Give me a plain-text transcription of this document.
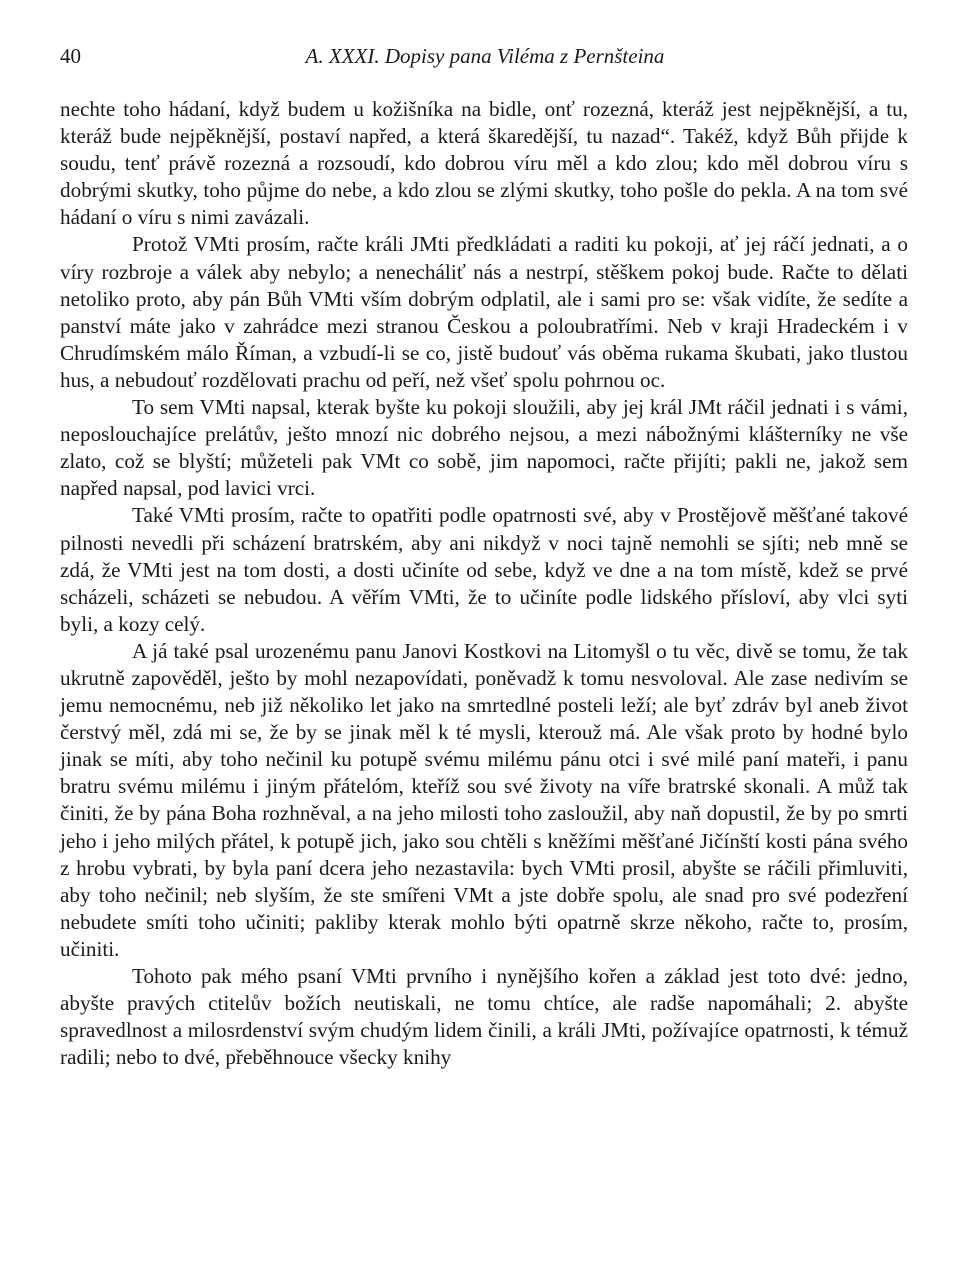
40	A. XXXI. Dopisy pana Viléma z Pernšteina

nechte toho hádaní, když budem u kožišníka na bidle, onť rozezná, kteráž jest nejpěknější, a tu, kteráž bude nejpěknější, postaví napřed, a která škaredější, tu nazad“. Takéž, když Bůh přijde k soudu, tenť právě rozezná a rozsoudí, kdo dobrou víru měl a kdo zlou; kdo měl dobrou víru s dobrými skutky, toho půjme do nebe, a kdo zlou se zlými skutky, toho pošle do pekla. A na tom své hádaní o víru s nimi zavázali.

Protož VMti prosím, račte králi JMti předkládati a raditi ku pokoji, ať jej ráčí jednati, a o víry rozbroje a válek aby nebylo; a nenecháliť nás a nestrpí, stěškem pokoj bude. Račte to dělati netoliko proto, aby pán Bůh VMti vším dobrým odplatil, ale i sami pro se: však vidíte, že sedíte a panství máte jako v zahrádce mezi stranou Českou a poloubratřími. Neb v kraji Hradeckém i v Chrudímském málo Říman, a vzbudí-li se co, jistě budouť vás oběma rukama škubati, jako tlustou hus, a nebudouť rozdělovati prachu od peří, než všeť spolu pohrnou oc.

To sem VMti napsal, kterak byšte ku pokoji sloužili, aby jej král JMt ráčil jednati i s vámi, neposlouchajíce prelátův, ješto mnozí nic dobrého nejsou, a mezi nábožnými klášterníky ne vše zlato, což se blyští; můžeteli pak VMt co sobě, jim napomoci, račte přijíti; pakli ne, jakož sem napřed napsal, pod lavici vrci.

Také VMti prosím, račte to opatřiti podle opatrnosti své, aby v Prostějově měšťané takové pilnosti nevedli při scházení bratrském, aby ani nikdyž v noci tajně nemohli se sjíti; neb mně se zdá, že VMti jest na tom dosti, a dosti učiníte od sebe, když ve dne a na tom místě, kdež se prvé scházeli, scházeti se nebudou. A věřím VMti, že to učiníte podle lidského přísloví, aby vlci syti byli, a kozy celý.

A já také psal urozenému panu Janovi Kostkovi na Litomyšl o tu věc, divě se tomu, že tak ukrutně zapověděl, ješto by mohl nezapovídati, poněvadž k tomu nesvoloval. Ale zase nedivím se jemu nemocnému, neb již několiko let jako na smrtedlné posteli leží; ale byť zdráv byl aneb život čerstvý měl, zdá mi se, že by se jinak měl k té mysli, kterouž má. Ale však proto by hodné bylo jinak se míti, aby toho nečinil ku potupě svému milému pánu otci i své milé paní mateři, i panu bratru svému milému i jiným přátelóm, kteříž sou své životy na víře bratrské skonali. A můž tak činiti, že by pána Boha rozhněval, a na jeho milosti toho zasloužil, aby naň dopustil, že by po smrti jeho i jeho milých přátel, k potupě jich, jako sou chtěli s kněžími měšťané Jičínští kosti pána svého z hrobu vybrati, by byla paní dcera jeho nezastavila: bych VMti prosil, abyšte se ráčili přimluviti, aby toho nečinil; neb slyším, že ste smířeni VMt a jste dobře spolu, ale snad pro své podezření nebudete smíti toho učiniti; pakliby kterak mohlo býti opatrně skrze někoho, račte to, prosím, učiniti.

Tohoto pak mého psaní VMti prvního i nynějšího kořen a základ jest toto dvé: jedno, abyšte pravých ctitelův božích neutiskali, ne tomu chtíce, ale radše napomáhali; 2. abyšte spravedlnost a milosrdenství svým chudým lidem činili, a králi JMti, požívajíce opatrnosti, k témuž radili; nebo to dvé, přeběhnouce všecky knihy
